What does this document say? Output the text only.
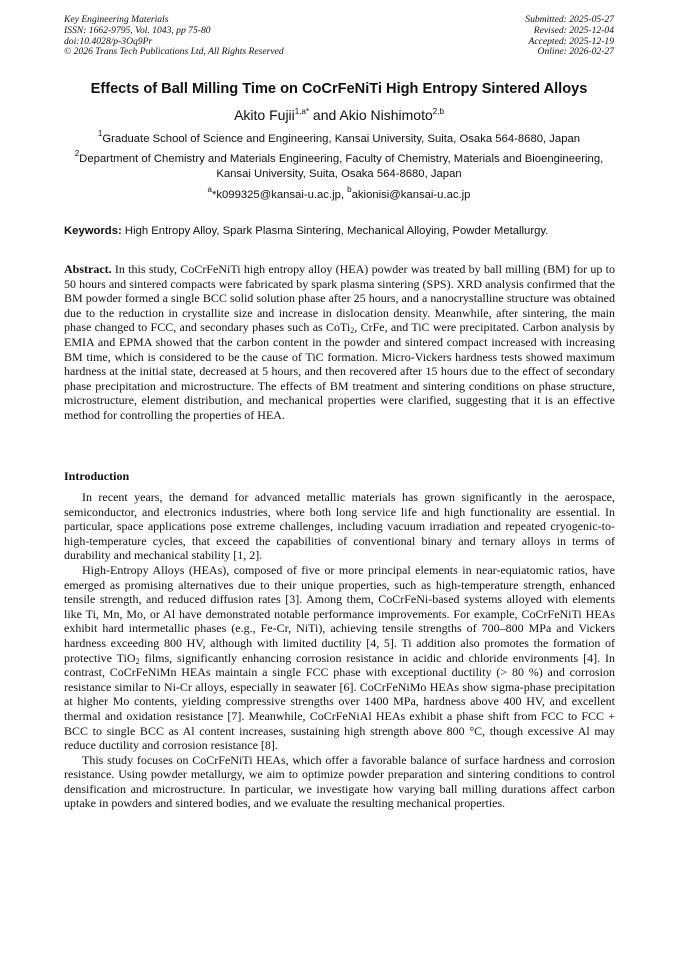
Key Engineering Materials
ISSN: 1662-9795, Vol. 1043, pp 75-80
doi:10.4028/p-3Oq9Pr
© 2026 Trans Tech Publications Ltd, All Rights Reserved
Submitted: 2025-05-27
Revised: 2025-12-04
Accepted: 2025-12-19
Online: 2026-02-27
Effects of Ball Milling Time on CoCrFeNiTi High Entropy Sintered Alloys
Akito Fujii$^{1,a*}$ and Akio Nishimoto$^{2,b}$
$^1$Graduate School of Science and Engineering, Kansai University, Suita, Osaka 564-8680, Japan
$^2$Department of Chemistry and Materials Engineering, Faculty of Chemistry, Materials and Bioengineering, Kansai University, Suita, Osaka 564-8680, Japan
$^a$*k099325@kansai-u.ac.jp, $^b$akionisi@kansai-u.ac.jp
Keywords: High Entropy Alloy, Spark Plasma Sintering, Mechanical Alloying, Powder Metallurgy.
Abstract. In this study, CoCrFeNiTi high entropy alloy (HEA) powder was treated by ball milling (BM) for up to 50 hours and sintered compacts were fabricated by spark plasma sintering (SPS). XRD analysis confirmed that the BM powder formed a single BCC solid solution phase after 25 hours, and a nanocrystalline structure was obtained due to the reduction in crystallite size and increase in dislocation density. Meanwhile, after sintering, the main phase changed to FCC, and secondary phases such as CoTi$_2$, CrFe, and TiC were precipitated. Carbon analysis by EMIA and EPMA showed that the carbon content in the powder and sintered compact increased with increasing BM time, which is considered to be the cause of TiC formation. Micro-Vickers hardness tests showed maximum hardness at the initial state, decreased at 5 hours, and then recovered after 15 hours due to the effect of secondary phase precipitation and microstructure. The effects of BM treatment and sintering conditions on phase structure, microstructure, element distribution, and mechanical properties were clarified, suggesting that it is an effective method for controlling the properties of HEA.
Introduction

In recent years, the demand for advanced metallic materials has grown significantly in the aerospace, semiconductor, and electronics industries, where both long service life and high functionality are essential. In particular, space applications pose extreme challenges, including vacuum irradiation and repeated cryogenic-to-high-temperature cycles, that exceed the capabilities of conventional binary and ternary alloys in terms of durability and mechanical stability [1, 2].

High-Entropy Alloys (HEAs), composed of five or more principal elements in near-equiatomic ratios, have emerged as promising alternatives due to their unique properties, such as high-temperature strength, enhanced tensile strength, and reduced diffusion rates [3]. Among them, CoCrFeNi-based systems alloyed with elements like Ti, Mn, Mo, or Al have demonstrated notable performance improvements. For example, CoCrFeNiTi HEAs exhibit hard intermetallic phases (e.g., Fe-Cr, NiTi), achieving tensile strengths of 700–800 MPa and Vickers hardness exceeding 800 HV, although with limited ductility [4, 5]. Ti addition also promotes the formation of protective TiO$_2$ films, significantly enhancing corrosion resistance in acidic and chloride environments [4]. In contrast, CoCrFeNiMn HEAs maintain a single FCC phase with exceptional ductility (> 80 %) and corrosion resistance similar to Ni-Cr alloys, especially in seawater [6]. CoCrFeNiMo HEAs show sigma-phase precipitation at higher Mo contents, yielding compressive strengths over 1400 MPa, hardness above 400 HV, and excellent thermal and oxidation resistance [7]. Meanwhile, CoCrFeNiAl HEAs exhibit a phase shift from FCC to FCC + BCC to single BCC as Al content increases, sustaining high strength above 800 °C, though excessive Al may reduce ductility and corrosion resistance [8].

This study focuses on CoCrFeNiTi HEAs, which offer a favorable balance of surface hardness and corrosion resistance. Using powder metallurgy, we aim to optimize powder preparation and sintering conditions to control densification and microstructure. In particular, we investigate how varying ball milling durations affect carbon uptake in powders and sintered bodies, and we evaluate the resulting mechanical properties.
